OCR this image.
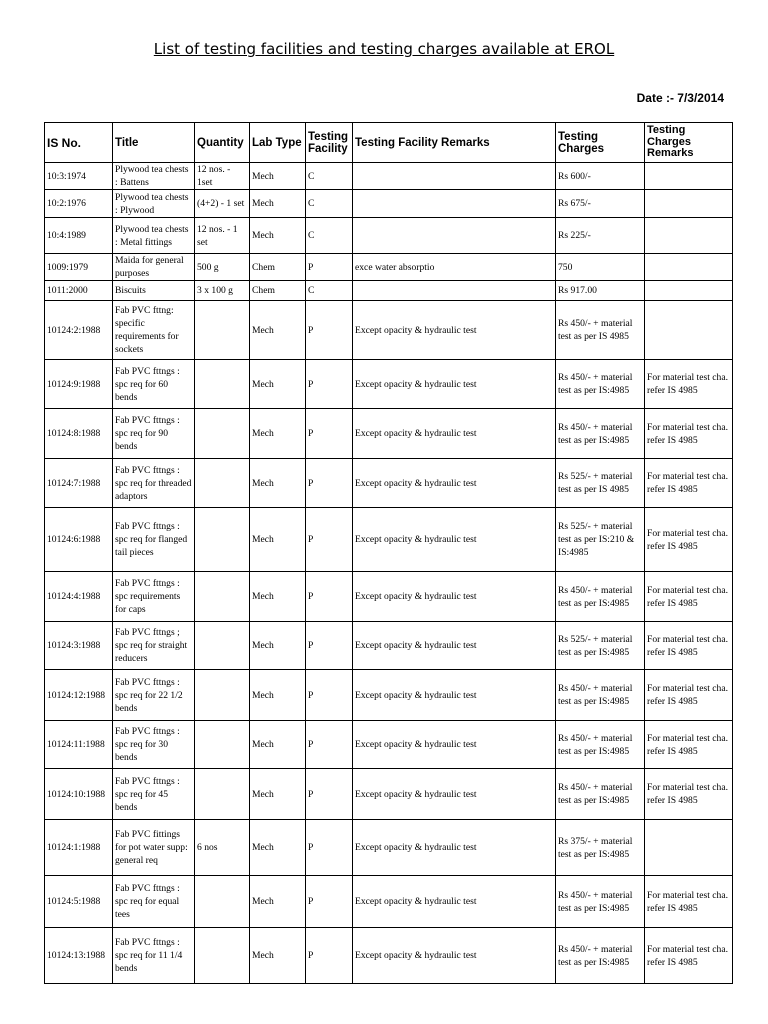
List of testing facilities and testing charges available at EROL
Date :- 7/3/2014
IS No.	Title	Quantity	Lab Type	Testing Facility	Testing Facility Remarks	Testing Charges	Testing Charges Remarks
10:3:1974	Plywood tea chests : Battens	12 nos. - 1set	Mech	C		Rs 600/-	
10:2:1976	Plywood tea chests : Plywood	(4+2) - 1 set	Mech	C		Rs 675/-	
10:4:1989	Plywood tea chests : Metal fittings	12 nos. - 1 set	Mech	C		Rs 225/-	
1009:1979	Maida for general purposes	500 g	Chem	P	exce water absorptio	750	
1011:2000	Biscuits	3 x 100 g	Chem	C		Rs 917.00	
10124:2:1988	Fab PVC fttng: specific requirements for sockets		Mech	P	Except opacity & hydraulic test	Rs 450/- + material test as per IS 4985	
10124:9:1988	Fab PVC fttngs : spc req for 60 bends		Mech	P	Except opacity & hydraulic test	Rs 450/- + material test as per IS:4985	For material test cha. refer IS 4985
10124:8:1988	Fab PVC fttngs : spc req for 90 bends		Mech	P	Except opacity & hydraulic test	Rs 450/- + material test as per IS:4985	For material test cha. refer IS 4985
10124:7:1988	Fab PVC fttngs : spc req for threaded adaptors		Mech	P	Except opacity & hydraulic test	Rs 525/- + material test as per IS 4985	For material test cha. refer IS 4985
10124:6:1988	Fab PVC fttngs : spc req for flanged tail pieces		Mech	P	Except opacity & hydraulic test	Rs 525/- + material test as per IS:210 & IS:4985	For material test cha. refer IS 4985
10124:4:1988	Fab PVC fttngs : spc requirements for caps		Mech	P	Except opacity & hydraulic test	Rs 450/- + material test as per IS:4985	For material test cha. refer IS 4985
10124:3:1988	Fab PVC fttngs ; spc req for straight reducers		Mech	P	Except opacity & hydraulic test	Rs 525/- + material test as per IS:4985	For material test cha. refer IS 4985
10124:12:1988	Fab PVC fttngs : spc req for 22 1/2 bends		Mech	P	Except opacity & hydraulic test	Rs 450/- + material test as per IS:4985	For material test cha. refer IS 4985
10124:11:1988	Fab PVC fttngs : spc req for 30 bends		Mech	P	Except opacity & hydraulic test	Rs 450/- + material test as per IS:4985	For material test cha. refer IS 4985
10124:10:1988	Fab PVC fttngs : spc req for 45 bends		Mech	P	Except opacity & hydraulic test	Rs 450/- + material test as per IS:4985	For material test cha. refer IS 4985
10124:1:1988	Fab PVC fittings for pot water supp: general req	6 nos	Mech	P	Except opacity & hydraulic test	Rs 375/- + material test as per IS:4985	
10124:5:1988	Fab PVC fttngs : spc req for equal tees		Mech	P	Except opacity & hydraulic test	Rs 450/- + material test as per IS:4985	For material test cha. refer IS 4985
10124:13:1988	Fab PVC fttngs : spc req for 11 1/4 bends		Mech	P	Except opacity & hydraulic test	Rs 450/- + material test as per IS:4985	For material test cha. refer IS 4985
